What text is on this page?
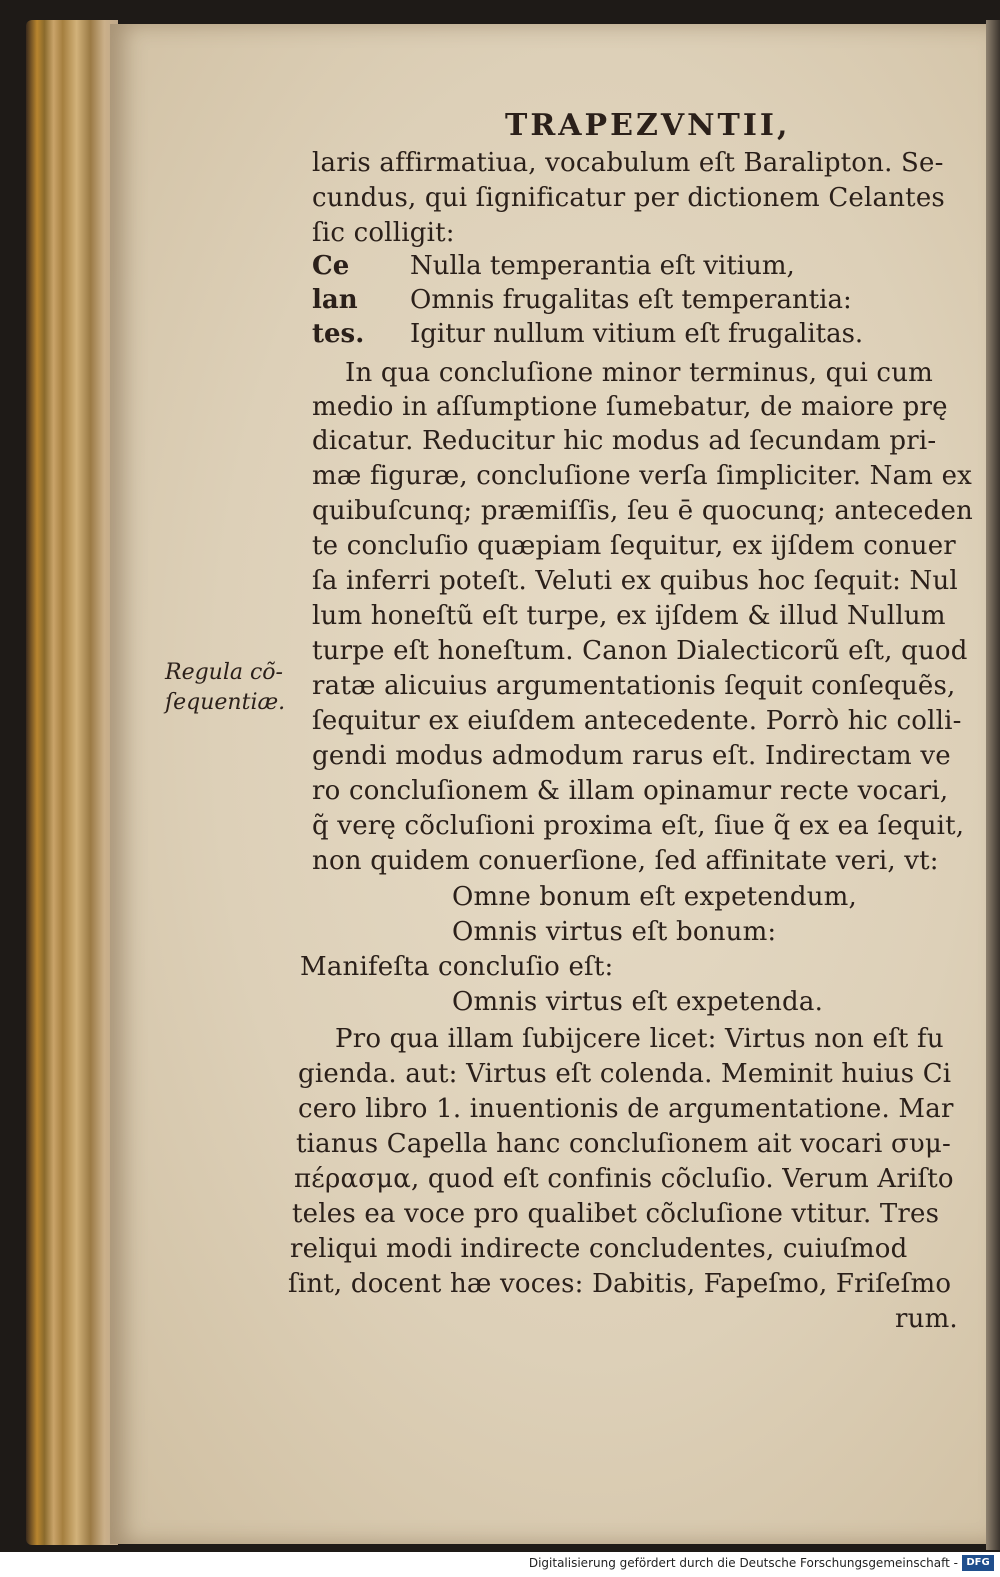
TRAPEZVNTII,
laris affirmatiua, vocabulum eſt Baralipton. Se-
cundus, qui ſignificatur per dictionem Celantes
ſic colligit:
Ce Nulla temperantia eſt vitium,
lan Omnis frugalitas eſt temperantia:
tes. Igitur nullum vitium eſt frugalitas.
In qua concluſione minor terminus, qui cum
medio in aſſumptione ſumebatur, de maiore prę
dicatur. Reducitur hic modus ad ſecundam pri-
mæ figuræ, concluſione verſa ſimpliciter. Nam ex
quibuſcunq; præmiſſis, ſeu ē quocunq; anteceden
te concluſio quæpiam ſequitur, ex ijſdem conuer
ſa inferri poteſt. Veluti ex quibus hoc ſequit: Nul
lum honeſtũ eſt turpe, ex ijſdem & illud Nullum
turpe eſt honeſtum. Canon Dialecticorũ eſt, quod
ratæ alicuius argumentationis ſequit conſequẽs,
ſequitur ex eiuſdem antecedente. Porrò hic colli-
gendi modus admodum rarus eſt. Indirectam ve
ro concluſionem & illam opinamur recte vocari,
q̃ verę cõcluſioni proxima eſt, ſiue q̃ ex ea ſequit,
non quidem conuerſione, ſed affinitate veri, vt:
Regula cõ-
ſequentiæ.
Omne bonum eſt expetendum,
Omnis virtus eſt bonum:
Manifeſta concluſio eſt:
Omnis virtus eſt expetenda.
Pro qua illam ſubijcere licet: Virtus non eſt fu
gienda. aut: Virtus eſt colenda. Meminit huius Ci
cero libro 1. inuentionis de argumentatione. Mar
tianus Capella hanc concluſionem ait vocari συμ-
πέρασμα, quod eſt confinis cõcluſio. Verum Ariſto
teles ea voce pro qualibet cõcluſione vtitur. Tres
reliqui modi indirecte concludentes, cuiuſmod
ſint, docent hæ voces: Dabitis, Fapeſmo, Friſeſmo
rum.
Digitalisierung gefördert durch die Deutsche Forschungsgemeinschaft - DFG
